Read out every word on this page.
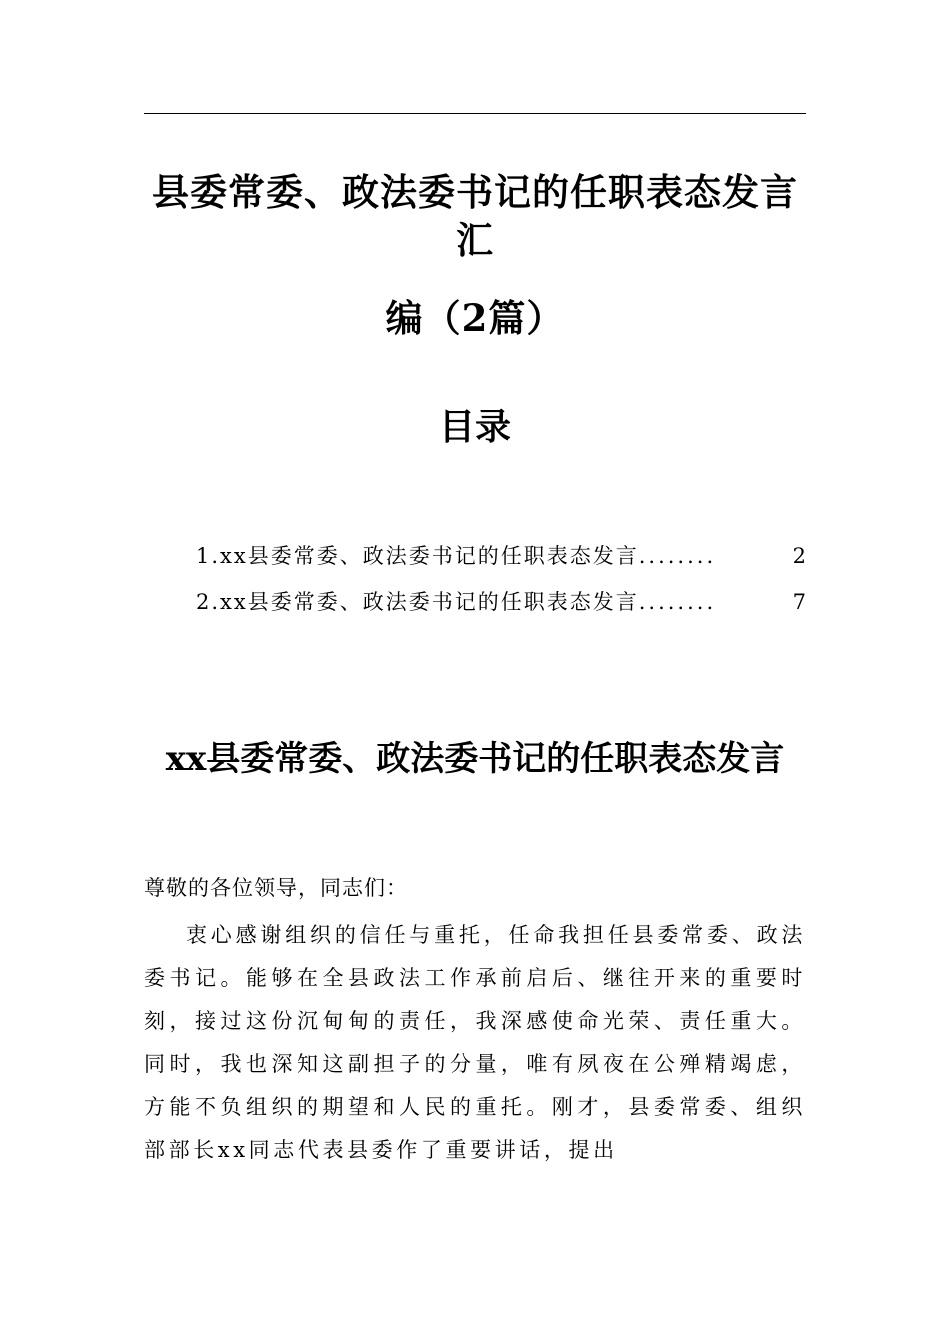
县委常委、政法委书记的任职表态发言汇
编（2篇）
目录
1.xx县委常委、政法委书记的任职表态发言 ........	2
2.xx县委常委、政法委书记的任职表态发言 ........	7
xx县委常委、政法委书记的任职表态发言
尊敬的各位领导，同志们：
衷心感谢组织的信任与重托，任命我担任县委常委、政法委书记。能够在全县政法工作承前启后、继往开来的重要时刻，接过这份沉甸甸的责任，我深感使命光荣、责任重大。同时，我也深知这副担子的分量，唯有夙夜在公殚精竭虑，方能不负组织的期望和人民的重托。刚才，县委常委、组织部部长xx同志代表县委作了重要讲话，提出
